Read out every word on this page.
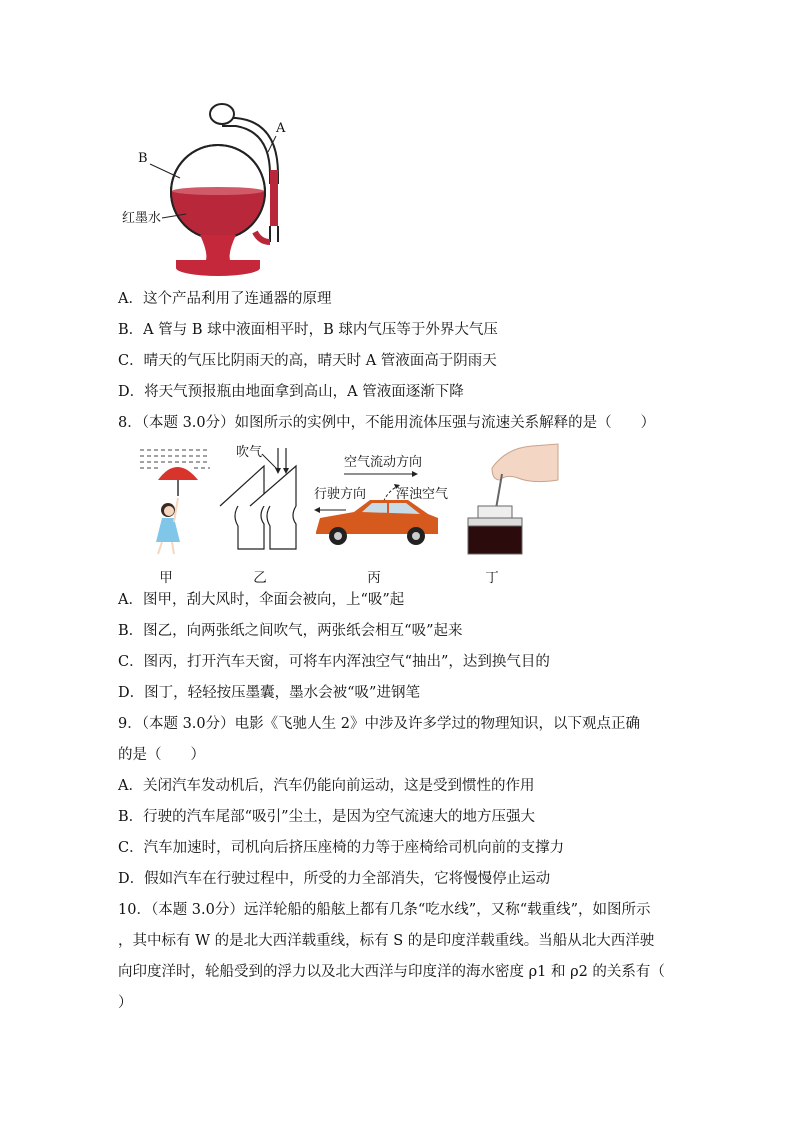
A
B
红墨水
A．这个产品利用了连通器的原理
B．A 管与 B 球中液面相平时，B 球内气压等于外界大气压
C．晴天的气压比阴雨天的高，晴天时 A 管液面高于阴雨天
D．将天气预报瓶由地面拿到高山，A 管液面逐渐下降
8．（本题 3.0分）如图所示的实例中，不能用流体压强与流速关系解释的是（　　）
甲
吹气
乙
空气流动方向
浑浊空气
行驶方向
丙	丁
A．图甲，刮大风时，伞面会被向，上“吸”起
B．图乙，向两张纸之间吹气，两张纸会相互“吸”起来
C．图丙，打开汽车天窗，可将车内浑浊空气“抽出”，达到换气目的
D．图丁，轻轻按压墨囊，墨水会被“吸”进钢笔
9．（本题 3.0分）电影《飞驰人生 2》中涉及许多学过的物理知识，以下观点正确
的是（　　）
A．关闭汽车发动机后，汽车仍能向前运动，这是受到惯性的作用
B．行驶的汽车尾部“吸引”尘土，是因为空气流速大的地方压强大
C．汽车加速时，司机向后挤压座椅的力等于座椅给司机向前的支撑力
D．假如汽车在行驶过程中，所受的力全部消失，它将慢慢停止运动
10．（本题 3.0分）远洋轮船的船舷上都有几条“吃水线”，又称“载重线”，如图所示
，其中标有 W 的是北大西洋载重线，标有 S 的是印度洋载重线。当船从北大西洋驶
向印度洋时，轮船受到的浮力以及北大西洋与印度洋的海水密度 ρ1 和 ρ2 的关系有（
）
